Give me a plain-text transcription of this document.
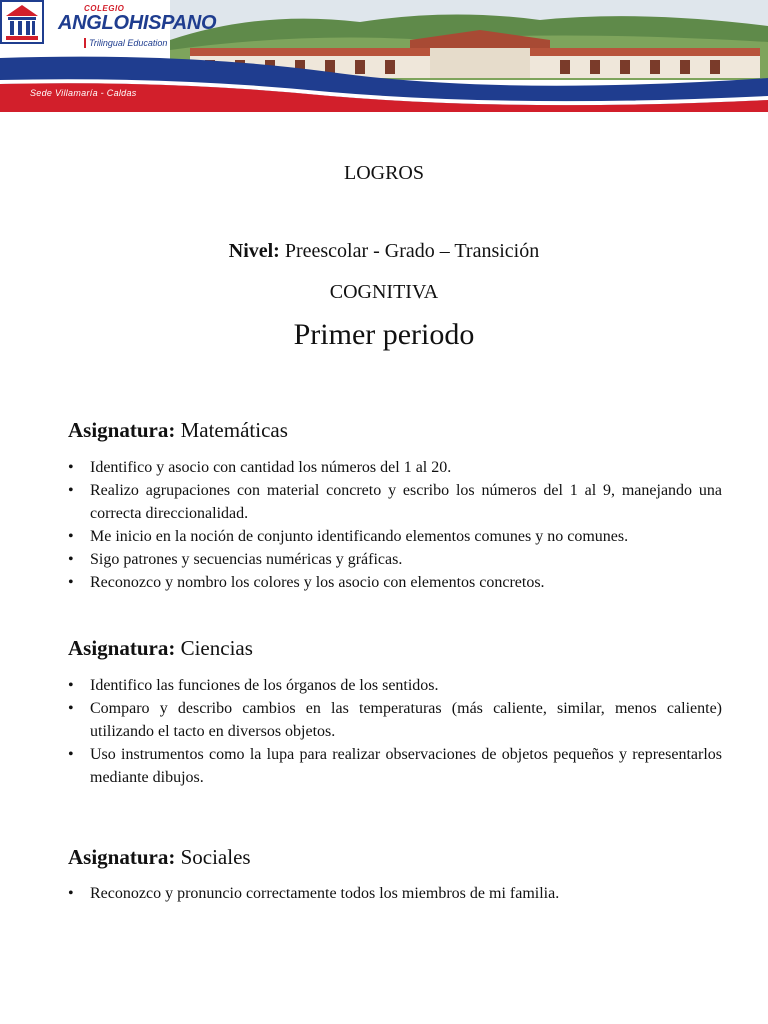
COLEGIO
ANGLOHISPANO
Trilingual Education
Sede Villamaría - Caldas
LOGROS
Nivel: Preescolar - Grado – Transición
COGNITIVA
Primer periodo
Asignatura: Matemáticas
• Identifico y asocio con cantidad los números del 1 al 20.
• Realizo agrupaciones con material concreto y escribo los números del 1 al 9, manejando una correcta direccionalidad.
• Me inicio en la noción de conjunto identificando elementos comunes y no comunes.
• Sigo patrones y secuencias numéricas y gráficas.
• Reconozco y nombro los colores y los asocio con elementos concretos.
Asignatura: Ciencias
• Identifico las funciones de los órganos de los sentidos.
• Comparo y describo cambios en las temperaturas (más caliente, similar, menos caliente) utilizando el tacto en diversos objetos.
• Uso instrumentos como la lupa para realizar observaciones de objetos pequeños y representarlos mediante dibujos.
Asignatura: Sociales
• Reconozco y pronuncio correctamente todos los miembros de mi familia.
